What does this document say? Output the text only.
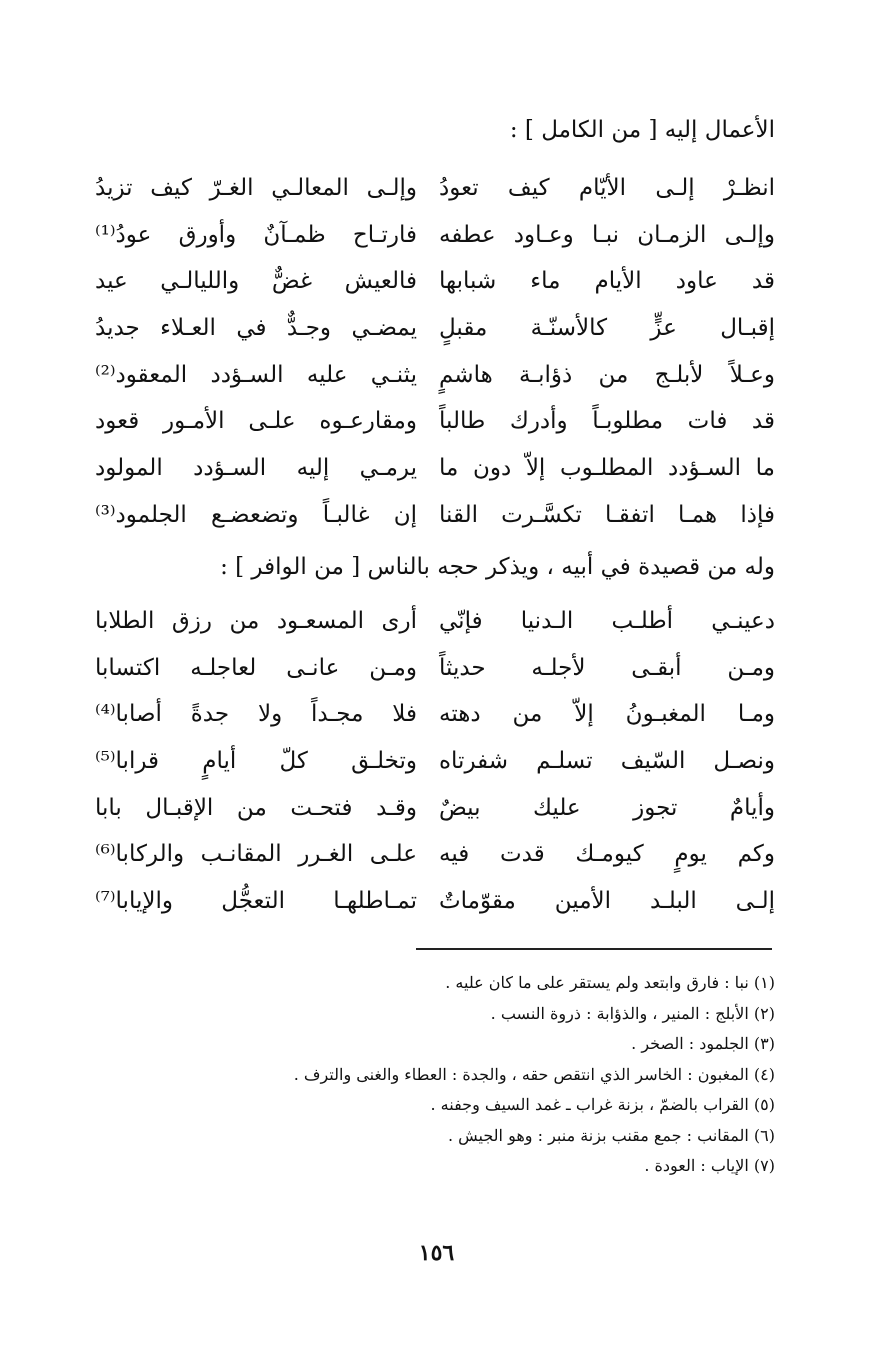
الأعمال إليه [ من الكامل ] :
انظـرْ إلـى الأيّام كيف تعودُ
وإلـى المعالـي الغـرّ كيف تزيدُ
وإلـى الزمـان نبـا وعـاود عطفه
فارتـاح ظمـآنٌ وأورق عودُ⁽¹⁾
قد عاود الأيام ماء شبابها
فالعيش غضٌّ والليالـي عيد
إقبـال عزٍّ كالأسنّـة مقبلٍ
يمضـي وجـدٌّ في العـلاء جديدُ
وعـلاً لأبلـج من ذؤابـة هاشمٍ
يثنـي عليه السـؤدد المعقود⁽²⁾
قد فات مطلوبـاً وأدرك طالباً
ومقارعـوه علـى الأمـور قعود
ما السـؤدد المطلـوب إلاّ دون ما
يرمـي إليه السـؤدد المولود
فإذا همـا اتفقـا تكسَّـرت القنا
إن غالبـاً وتضعضـع الجلمود⁽³⁾
وله من قصيدة في أبيه ، ويذكر حجه بالناس [ من الوافر ] :
دعينـي أطلـب الـدنيا فإنّي
أرى المسعـود من رزق الطلابا
ومـن أبقـى لأجلـه حديثاً
ومـن عانـى لعاجلـه اكتسابا
ومـا المغبـونُ إلاّ من دهته
فلا مجـداً ولا جدةً أصابا⁽⁴⁾
ونصـل السّيف تسلـم شفرتاه
وتخلـق كلّ أيامٍ قرابا⁽⁵⁾
وأيامٌ تجوز عليك بيضٌ
وقـد فتحـت من الإقبـال بابا
وكم يومٍ كيومـك قدت فيه
علـى الغـرر المقانـب والركابا⁽⁶⁾
إلـى البلـد الأمين مقوّماتٌ
تمـاطلهـا التعجُّل والإيابا⁽⁷⁾
(١) نبا : فارق وابتعد ولم يستقر على ما كان عليه .
(٢) الأبلج : المنير ، والذؤابة : ذروة النسب .
(٣) الجلمود : الصخر .
(٤) المغبون : الخاسر الذي انتقص حقه ، والجدة : العطاء والغنى والترف .
(٥) القراب بالضمّ ، بزنة غراب ـ غمد السيف وجفنه .
(٦) المقانب : جمع مقنب بزنة منبر : وهو الجيش .
(٧) الإياب : العودة .
١٥٦
